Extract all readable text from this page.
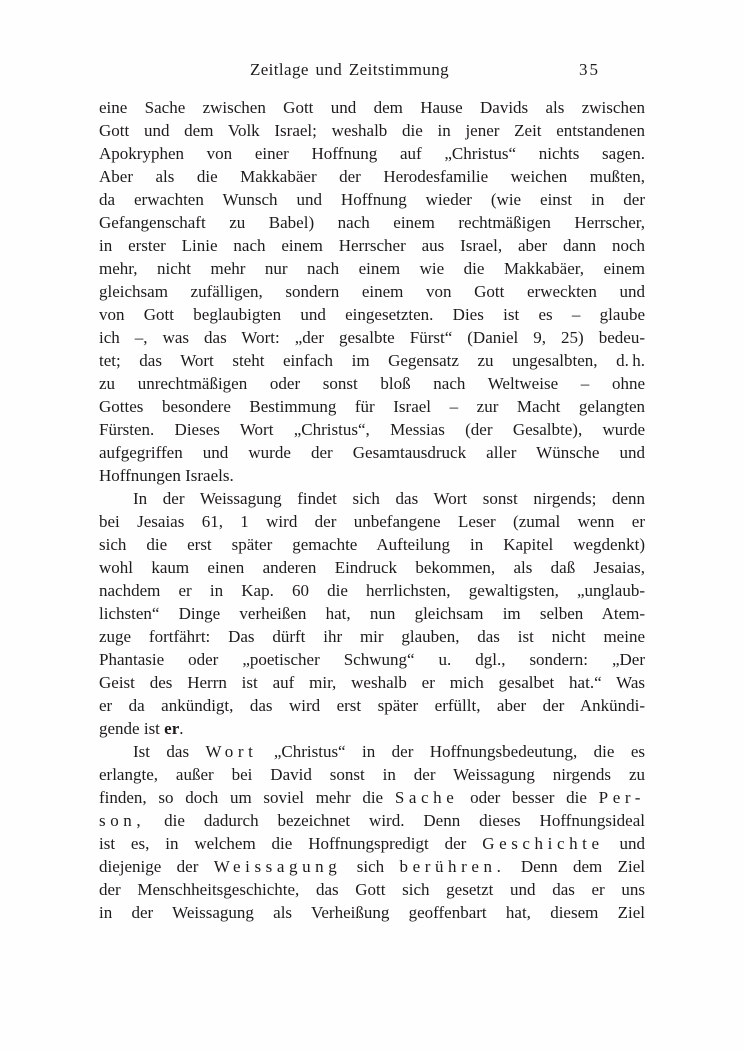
Zeitlage und Zeitstimmung	35
eine Sache zwischen Gott und dem Hause Davids als zwischen
Gott und dem Volk Israel; weshalb die in jener Zeit entstandenen
Apokryphen von einer Hoffnung auf „Christus“ nichts sagen.
Aber als die Makkabäer der Herodesfamilie weichen mußten,
da erwachten Wunsch und Hoffnung wieder (wie einst in der
Gefangenschaft zu Babel) nach einem rechtmäßigen Herrscher,
in erster Linie nach einem Herrscher aus Israel, aber dann noch
mehr, nicht mehr nur nach einem wie die Makkabäer, einem
gleichsam zufälligen, sondern einem von Gott erweckten und
von Gott beglaubigten und eingesetzten. Dies ist es – glaube
ich –, was das Wort: „der gesalbte Fürst“ (Daniel 9, 25) bedeu-
tet; das Wort steht einfach im Gegensatz zu ungesalbten, d. h.
zu unrechtmäßigen oder sonst bloß nach Weltweise – ohne
Gottes besondere Bestimmung für Israel – zur Macht gelangten
Fürsten. Dieses Wort „Christus“, Messias (der Gesalbte), wurde
aufgegriffen und wurde der Gesamtausdruck aller Wünsche und
Hoffnungen Israels.
In der Weissagung findet sich das Wort sonst nirgends; denn
bei Jesaias 61, 1 wird der unbefangene Leser (zumal wenn er
sich die erst später gemachte Aufteilung in Kapitel wegdenkt)
wohl kaum einen anderen Eindruck bekommen, als daß Jesaias,
nachdem er in Kap. 60 die herrlichsten, gewaltigsten, „unglaub-
lichsten“ Dinge verheißen hat, nun gleichsam im selben Atem-
zuge fortfährt: Das dürft ihr mir glauben, das ist nicht meine
Phantasie oder „poetischer Schwung“ u. dgl., sondern: „Der
Geist des Herrn ist auf mir, weshalb er mich gesalbet hat.“ Was
er da ankündigt, das wird erst später erfüllt, aber der Ankündi-
gende ist er.
Ist das Wort „Christus“ in der Hoffnungsbedeutung, die es
erlangte, außer bei David sonst in der Weissagung nirgends zu
finden, so doch um soviel mehr die Sache oder besser die Per-
son, die dadurch bezeichnet wird. Denn dieses Hoffnungsideal
ist es, in welchem die Hoffnungspredigt der Geschichte und
diejenige der Weissagung sich berühren. Denn dem Ziel
der Menschheitsgeschichte, das Gott sich gesetzt und das er uns
in der Weissagung als Verheißung geoffenbart hat, diesem Ziel
